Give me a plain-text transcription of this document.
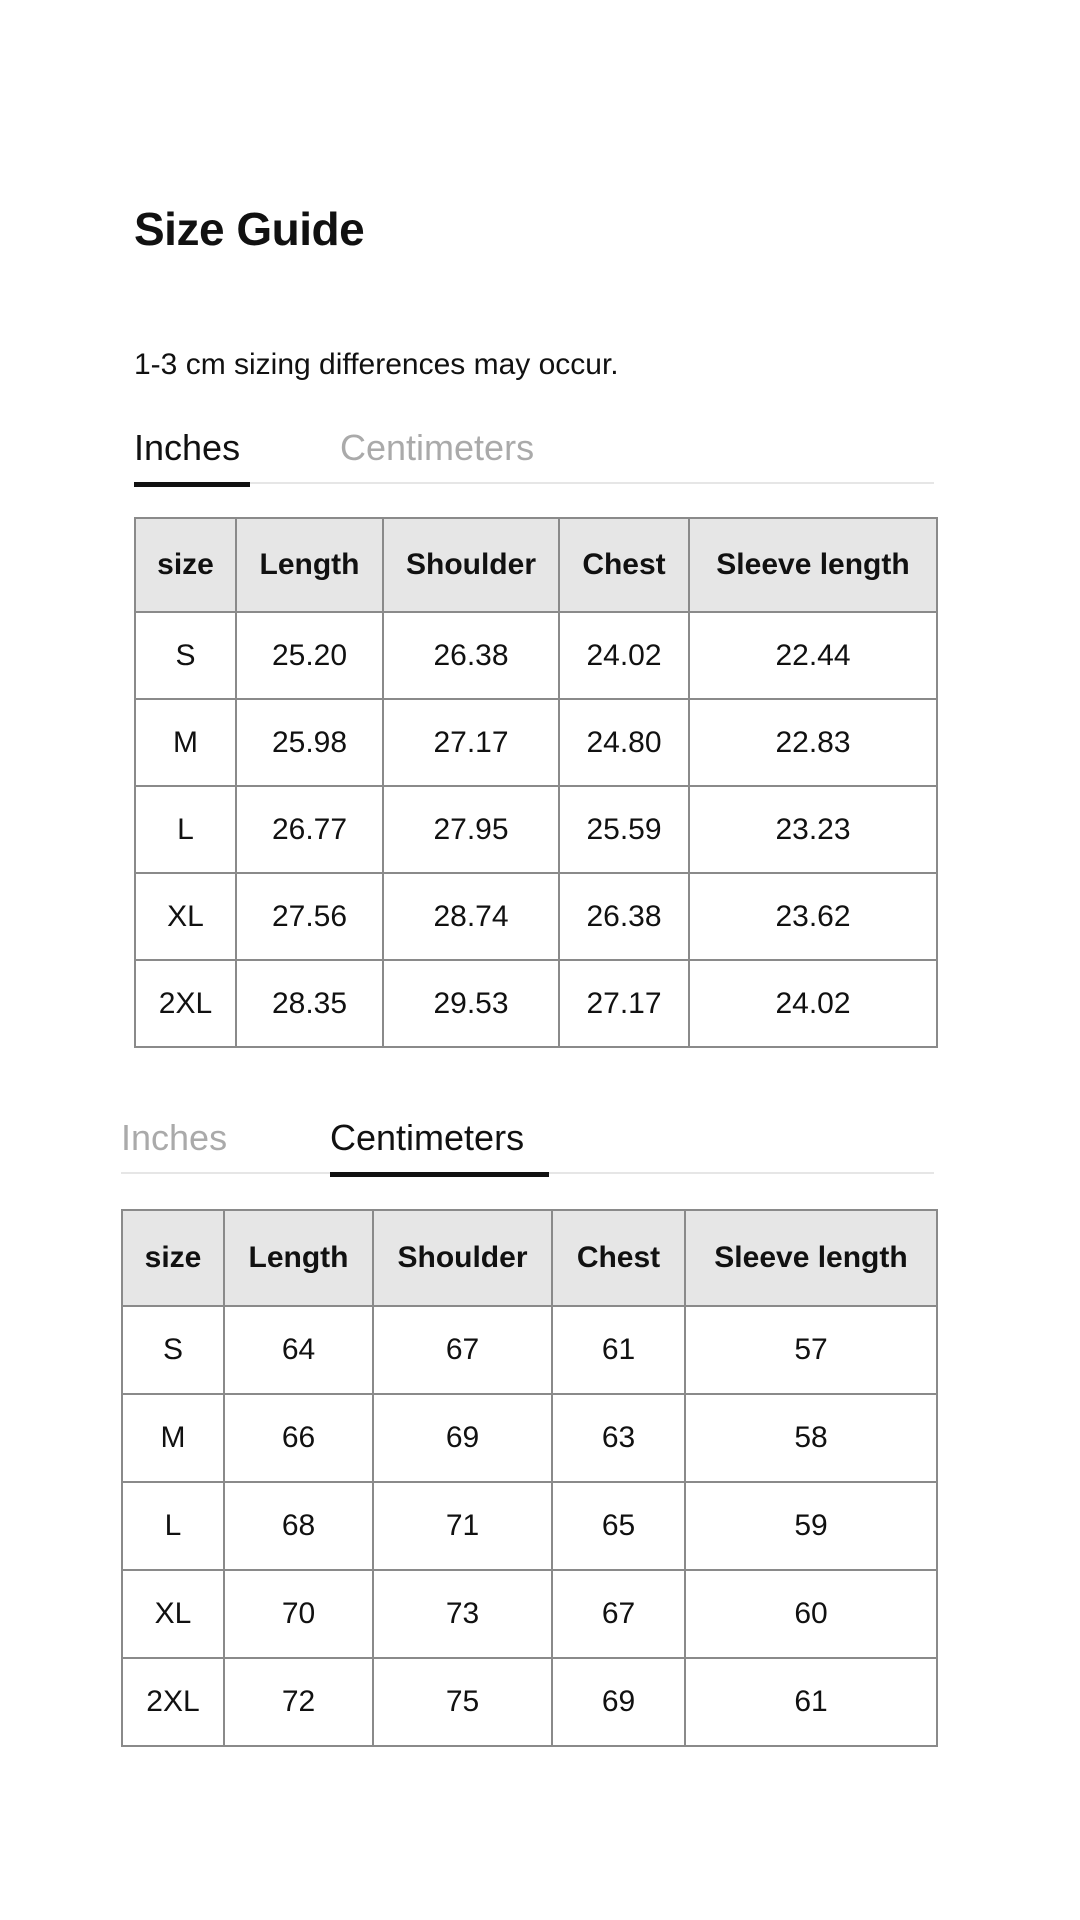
Size Guide

1-3 cm sizing differences may occur.

Inches	Centimeters
size	Length	Shoulder	Chest	Sleeve length
S	25.20	26.38	24.02	22.44
M	25.98	27.17	24.80	22.83
L	26.77	27.95	25.59	23.23
XL	27.56	28.74	26.38	23.62
2XL	28.35	29.53	27.17	24.02
Inches	Centimeters
size	Length	Shoulder	Chest	Sleeve length
S	64	67	61	57
M	66	69	63	58
L	68	71	65	59
XL	70	73	67	60
2XL	72	75	69	61
